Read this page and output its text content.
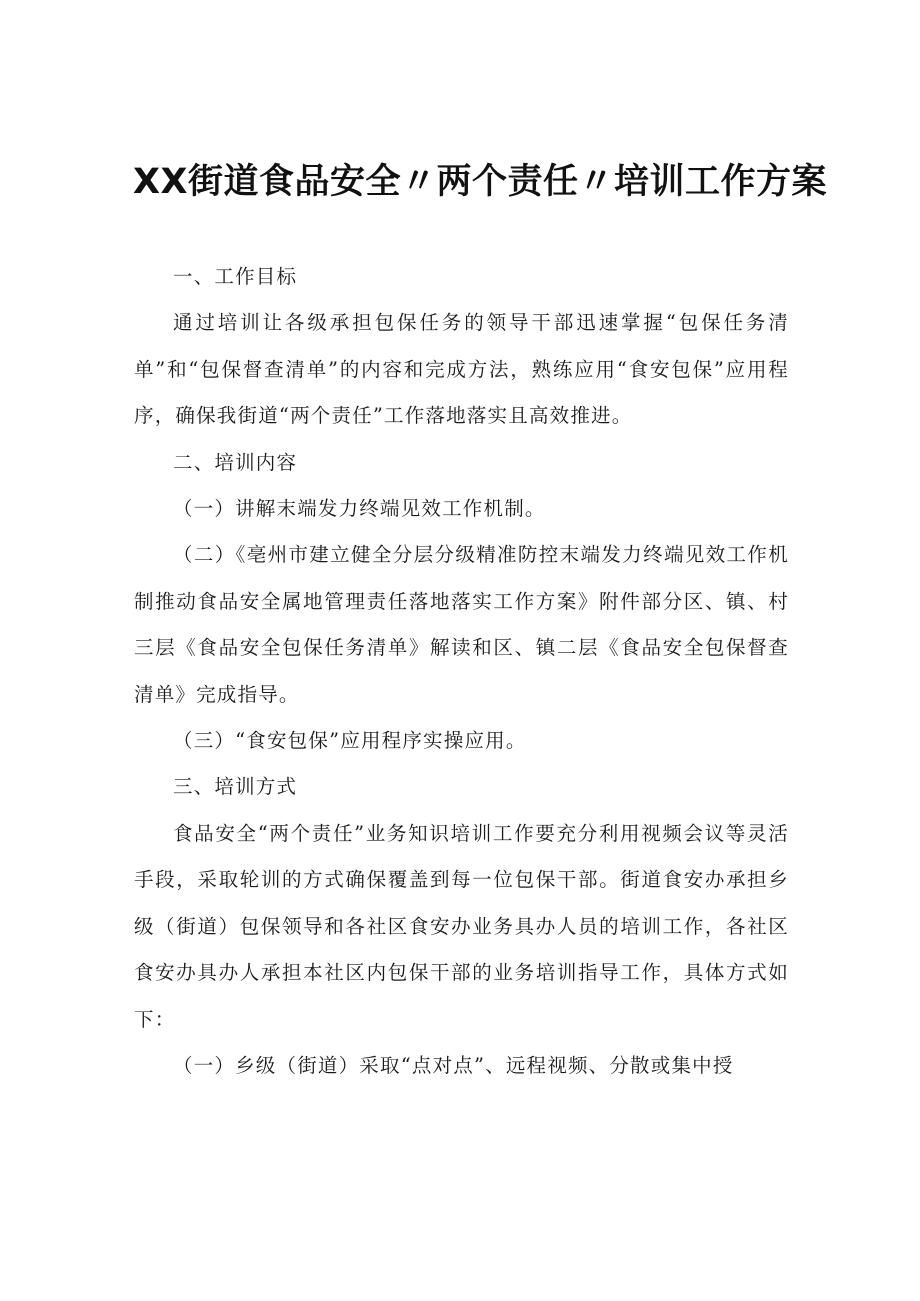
XX街道食品安全〃两个责任〃培训工作方案

一、工作目标

通过培训让各级承担包保任务的领导干部迅速掌握“包保任务清单”和“包保督查清单”的内容和完成方法，熟练应用“食安包保”应用程序，确保我街道“两个责任”工作落地落实且高效推进。

二、培训内容

（一）讲解末端发力终端见效工作机制。

（二）《亳州市建立健全分层分级精准防控末端发力终端见效工作机制推动食品安全属地管理责任落地落实工作方案》附件部分区、镇、村三层《食品安全包保任务清单》解读和区、镇二层《食品安全包保督查清单》完成指导。

（三）“食安包保”应用程序实操应用。

三、培训方式

食品安全“两个责任”业务知识培训工作要充分利用视频会议等灵活手段，采取轮训的方式确保覆盖到每一位包保干部。街道食安办承担乡级（街道）包保领导和各社区食安办业务具办人员的培训工作，各社区食安办具办人承担本社区内包保干部的业务培训指导工作，具体方式如下：

（一）乡级（街道）采取“点对点”、远程视频、分散或集中授
